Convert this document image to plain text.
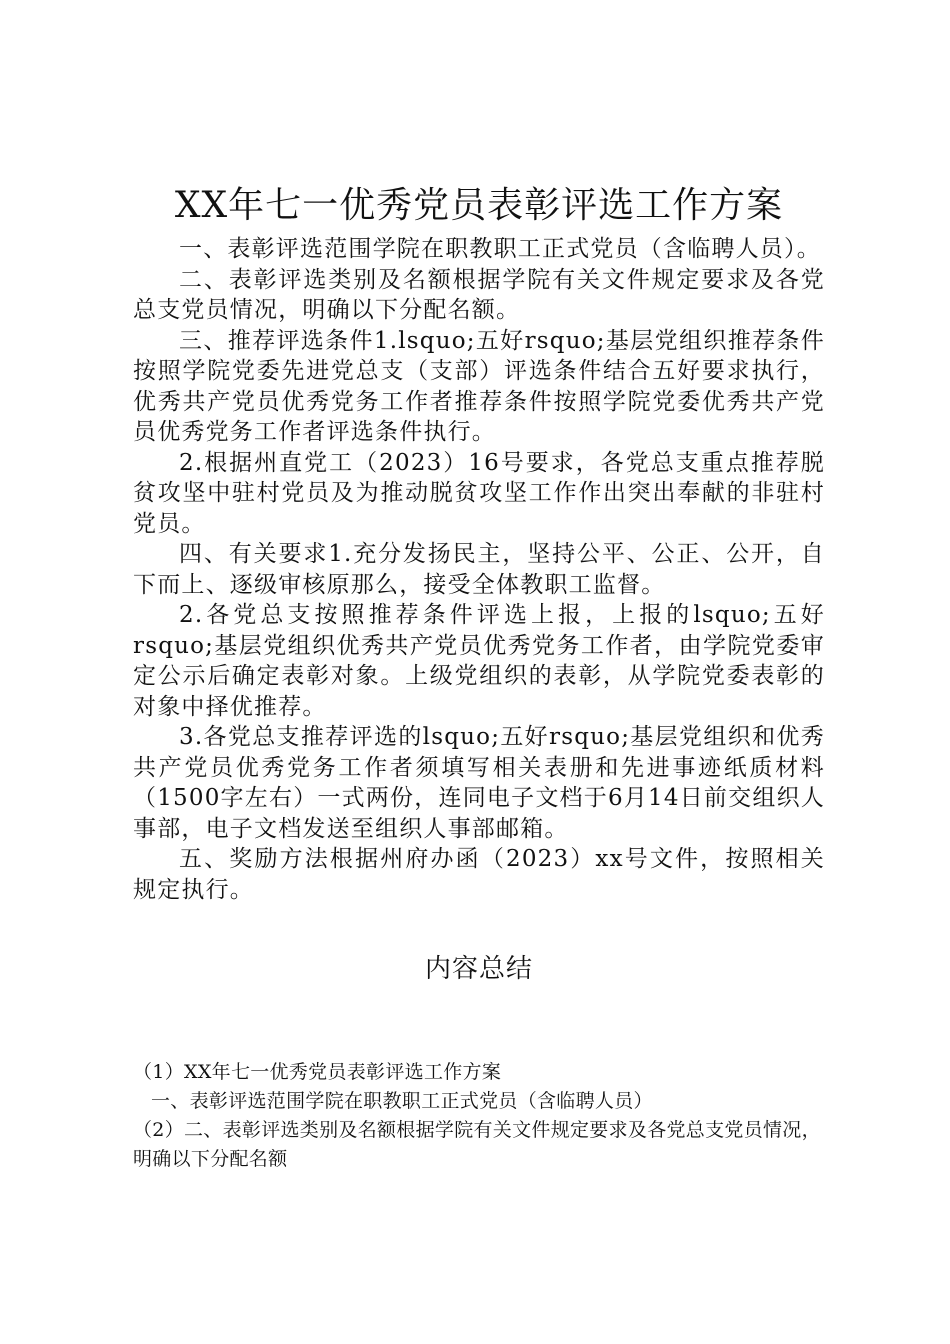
XX年七一优秀党员表彰评选工作方案

一、表彰评选范围学院在职教职工正式党员（含临聘人员）。

二、表彰评选类别及名额根据学院有关文件规定要求及各党总支党员情况，明确以下分配名额。

三、推荐评选条件1.lsquo;五好rsquo;基层党组织推荐条件按照学院党委先进党总支（支部）评选条件结合五好要求执行，优秀共产党员优秀党务工作者推荐条件按照学院党委优秀共产党员优秀党务工作者评选条件执行。

2.根据州直党工（2023）16号要求，各党总支重点推荐脱贫攻坚中驻村党员及为推动脱贫攻坚工作作出突出奉献的非驻村党员。

四、有关要求1.充分发扬民主，坚持公平、公正、公开，自下而上、逐级审核原那么，接受全体教职工监督。

2.各党总支按照推荐条件评选上报，上报的lsquo;五好rsquo;基层党组织优秀共产党员优秀党务工作者，由学院党委审定公示后确定表彰对象。上级党组织的表彰，从学院党委表彰的对象中择优推荐。

3.各党总支推荐评选的lsquo;五好rsquo;基层党组织和优秀共产党员优秀党务工作者须填写相关表册和先进事迹纸质材料（1500字左右）一式两份，连同电子文档于6月14日前交组织人事部，电子文档发送至组织人事部邮箱。

五、奖励方法根据州府办函（2023）xx号文件，按照相关规定执行。

内容总结

（1）XX年七一优秀党员表彰评选工作方案

一、表彰评选范围学院在职教职工正式党员（含临聘人员）

（2）二、表彰评选类别及名额根据学院有关文件规定要求及各党总支党员情况，明确以下分配名额
